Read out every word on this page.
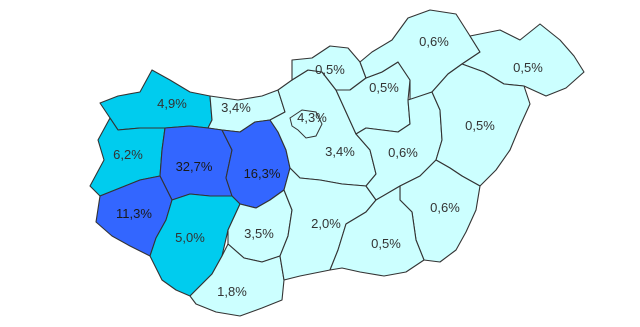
4,9%	3,4%
6,2%
32,7% 16,3%
11,3%
5,0%	3,5%
1,8%
4,3%
3,4%
2,0%
0,5%
0,5%
0,6%
0,5%
0,6%
0,5%
0,6%
0,5%
